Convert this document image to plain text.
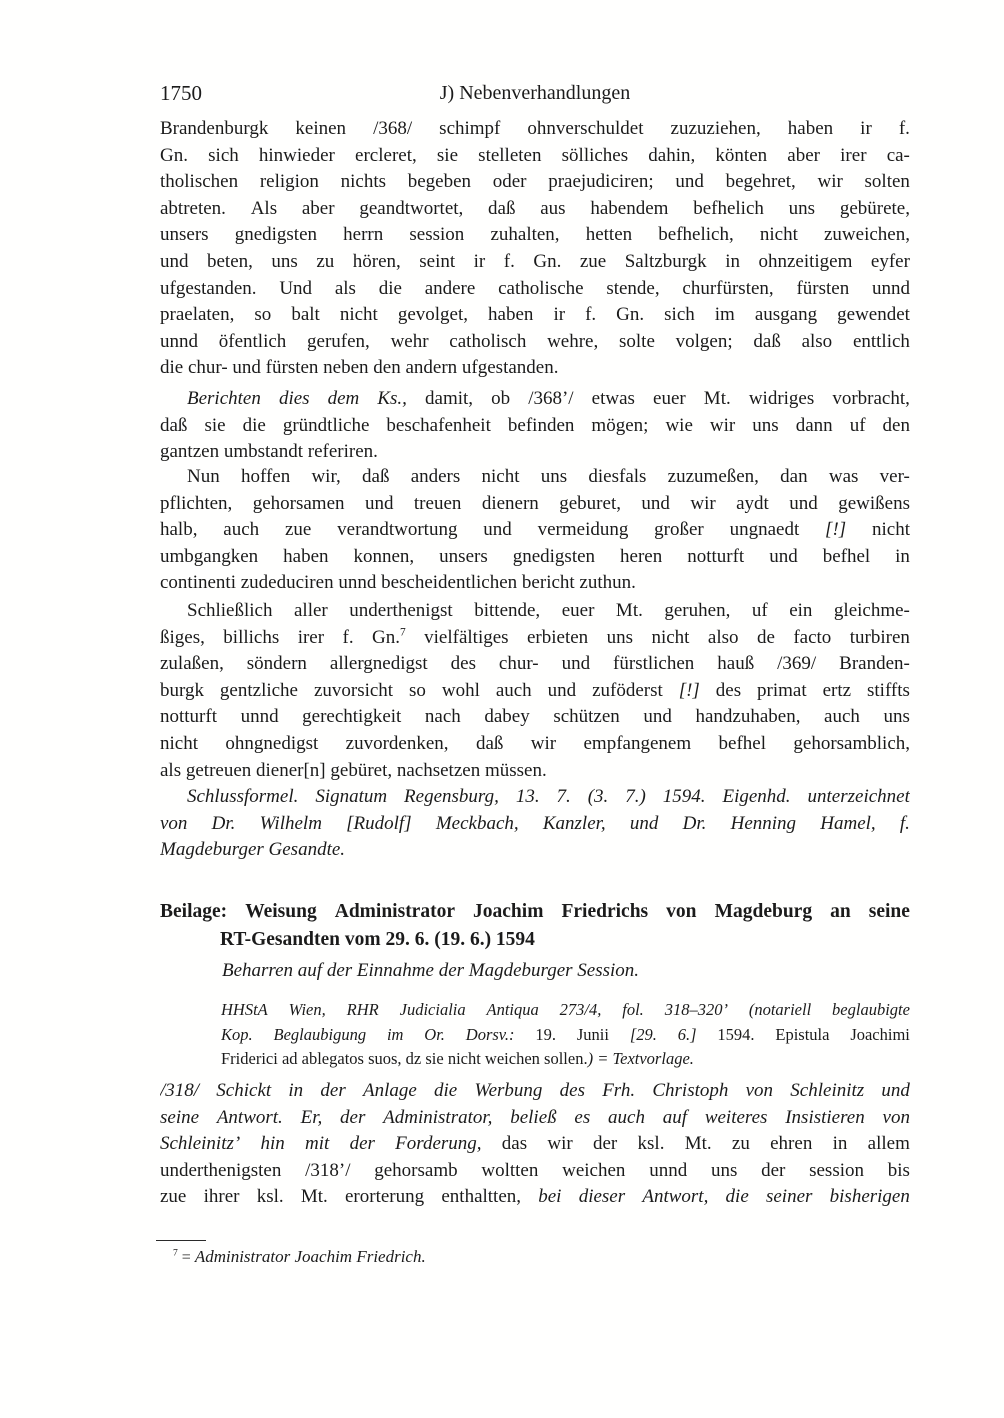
1750	J) Nebenverhandlungen
Brandenburgk keinen /368/ schimpf ohnverschuldet zuzuziehen, haben ir f.
Gn. sich hinwieder ercleret, sie stelleten sölliches dahin, könten aber irer ca-
tholischen religion nichts begeben oder praejudiciren; und begehret, wir solten
abtreten. Als aber geandtwortet, daß aus habendem befhelich uns gebürete,
unsers gnedigsten herrn session zuhalten, hetten befhelich, nicht zuweichen,
und beten, uns zu hören, seint ir f. Gn. zue Saltzburgk in ohnzeitigem eyfer
ufgestanden. Und als die andere catholische stende, churfürsten, fürsten unnd
praelaten, so balt nicht gevolget, haben ir f. Gn. sich im ausgang gewendet
unnd öfentlich gerufen, wehr catholisch wehre, solte volgen; daß also enttlich
die chur- und fürsten neben den andern ufgestanden.
Berichten dies dem Ks., damit, ob /368’/ etwas euer Mt. widriges vorbracht,
daß sie die gründtliche beschafenheit befinden mögen; wie wir uns dann uf den
gantzen umbstandt referiren.
Nun hoffen wir, daß anders nicht uns diesfals zuzumeßen, dan was ver-
pflichten, gehorsamen und treuen dienern geburet, und wir aydt und gewißens
halb, auch zue verandtwortung und vermeidung großer ungnaedt [!] nicht
umbgangken haben konnen, unsers gnedigsten heren notturft und befhel in
continenti zudeduciren unnd bescheidentlichen bericht zuthun.
Schließlich aller underthenigst bittende, euer Mt. geruhen, uf ein gleichme-
ßiges, billichs irer f. Gn.$^7$ vielfältiges erbieten uns nicht also de facto turbiren
zulaßen, söndern allergnedigst des chur- und fürstlichen hauß /369/ Branden-
burgk gentzliche zuvorsicht so wohl auch und zuföderst [!] des primat ertz stiffts
notturft unnd gerechtigkeit nach dabey schützen und handzuhaben, auch uns
nicht ohngnedigst zuvordenken, daß wir empfangenem befhel gehorsamblich,
als getreuen diener[n] gebüret, nachsetzen müssen.
Schlussformel. Signatum Regensburg, 13. 7. (3. 7.) 1594. Eigenhd. unterzeichnet
von Dr. Wilhelm [Rudolf] Meckbach, Kanzler, und Dr. Henning Hamel, f.
Magdeburger Gesandte.
Beilage: Weisung Administrator Joachim Friedrichs von Magdeburg an seine
RT-Gesandten vom 29. 6. (19. 6.) 1594
Beharren auf der Einnahme der Magdeburger Session.
HHStA Wien, RHR Judicialia Antiqua 273/4, fol. 318–320’ (notariell beglaubigte
Kop. Beglaubigung im Or. Dorsv.: 19. Junii [29. 6.] 1594. Epistula Joachimi
Friderici ad ablegatos suos, dz sie nicht weichen sollen.) = Textvorlage.
/318/ Schickt in der Anlage die Werbung des Frh. Christoph von Schleinitz und
seine Antwort. Er, der Administrator, beließ es auch auf weiteres Insistieren von
Schleinitz’ hin mit der Forderung, das wir der ksl. Mt. zu ehren in allem
underthenigsten /318’/ gehorsamb woltten weichen unnd uns der session bis
zue ihrer ksl. Mt. erorterung enthaltten, bei dieser Antwort, die seiner bisherigen
$^7$ = Administrator Joachim Friedrich.
